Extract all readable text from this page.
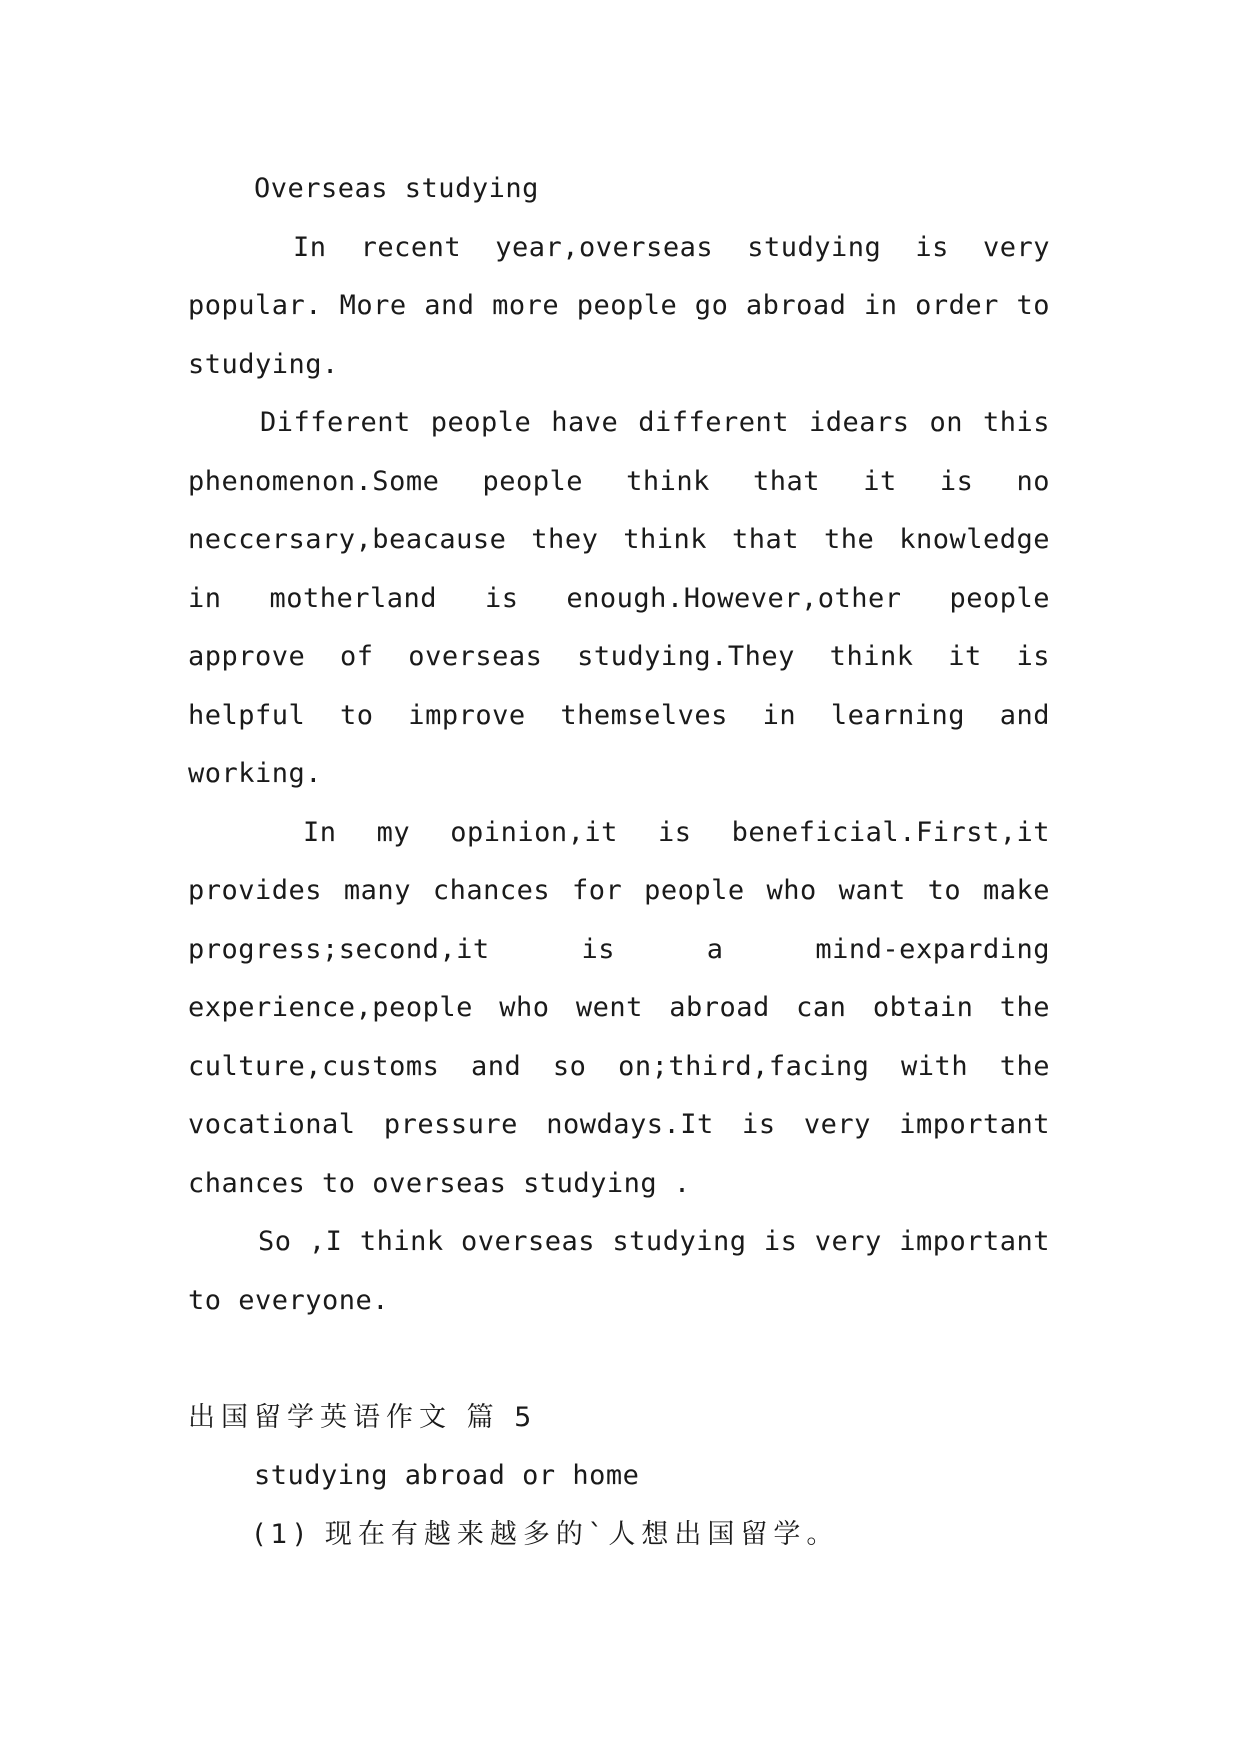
Overseas studying
In recent year,overseas studying is very
popular. More and more people go abroad in order to
studying.
Different people have different idears on this
phenomenon.Some people think that it is no
neccersary,beacause they think that the knowledge
in motherland is enough.However,other people
approve of overseas studying.They think it is
helpful to improve themselves in learning and
working.
In my opinion,it is beneficial.First,it
provides many chances for people who want to make
progress;second,it is a mind-exparding
experience,people who went abroad can obtain the
culture,customs and so on;third,facing with the
vocational pressure nowdays.It is very important
chances to overseas studying .
So ,I think overseas studying is very important
to everyone.
出国留学英语作文 篇 5
studying abroad or home
(1) 现在有越来越多的`人想出国留学。
